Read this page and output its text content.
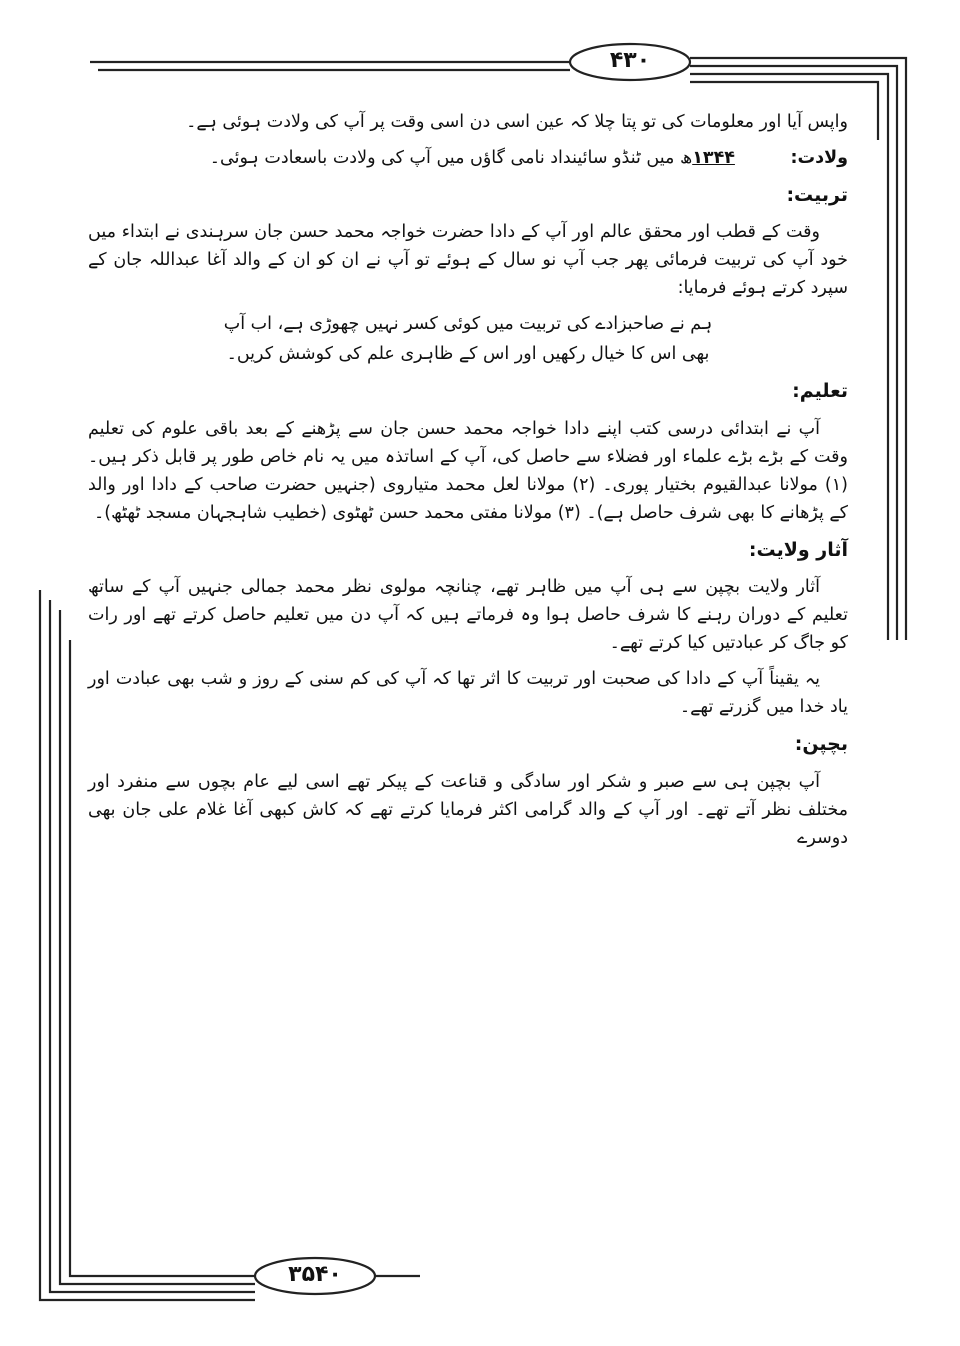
۴۳۰

واپس آیا اور معلومات کی تو پتا چلا کہ عین اسی دن اسی وقت پر آپ کی ولادت ہوئی ہے۔

ولادت: ۱۳۴۴ھ میں ٹنڈو سائینداد نامی گاؤں میں آپ کی ولادت باسعادت ہوئی۔

تربیت:

وقت کے قطب اور محقق عالم اور آپ کے دادا حضرت خواجہ محمد حسن جان سرہندی نے ابتداء میں خود آپ کی تربیت فرمائی پھر جب آپ نو سال کے ہوئے تو آپ نے ان کو ان کے والد آغا عبداللہ جان کے سپرد کرتے ہوئے فرمایا:

ہم نے صاحبزادے کی تربیت میں کوئی کسر نہیں چھوڑی ہے، اب آپ
بھی اس کا خیال رکھیں اور اس کے ظاہری علم کی کوشش کریں۔
تعلیم:

آپ نے ابتدائی درسی کتب اپنے دادا خواجہ محمد حسن جان سے پڑھنے کے بعد باقی علوم کی تعلیم وقت کے بڑے بڑے علماء اور فضلاء سے حاصل کی، آپ کے اساتذہ میں یہ نام خاص طور پر قابل ذکر ہیں۔ (۱) مولانا عبدالقیوم بختیار پوری۔ (۲) مولانا لعل محمد متیاروی (جنہیں حضرت صاحب کے دادا اور والد کے پڑھانے کا بھی شرف حاصل ہے)۔ (۳) مولانا مفتی محمد حسن ٹھٹوی (خطیب شاہجہان مسجد ٹھٹھ)۔

آثار ولایت:

آثار ولایت بچپن سے ہی آپ میں ظاہر تھے، چنانچہ مولوی نظر محمد جمالی جنہیں آپ کے ساتھ تعلیم کے دوران رہنے کا شرف حاصل ہوا وہ فرماتے ہیں کہ آپ دن میں تعلیم حاصل کرتے تھے اور رات کو جاگ کر عبادتیں کیا کرتے تھے۔

یہ یقیناً آپ کے دادا کی صحبت اور تربیت کا اثر تھا کہ آپ کی کم سنی کے روز و شب بھی عبادت اور یاد خدا میں گزرتے تھے۔

بچپن:

آپ بچپن ہی سے صبر و شکر اور سادگی و قناعت کے پیکر تھے اسی لیے عام بچوں سے منفرد اور مختلف نظر آتے تھے۔ اور آپ کے والد گرامی اکثر فرمایا کرتے تھے کہ کاش کبھی آغا غلام علی جان بھی دوسرے

۳۵۴۰
